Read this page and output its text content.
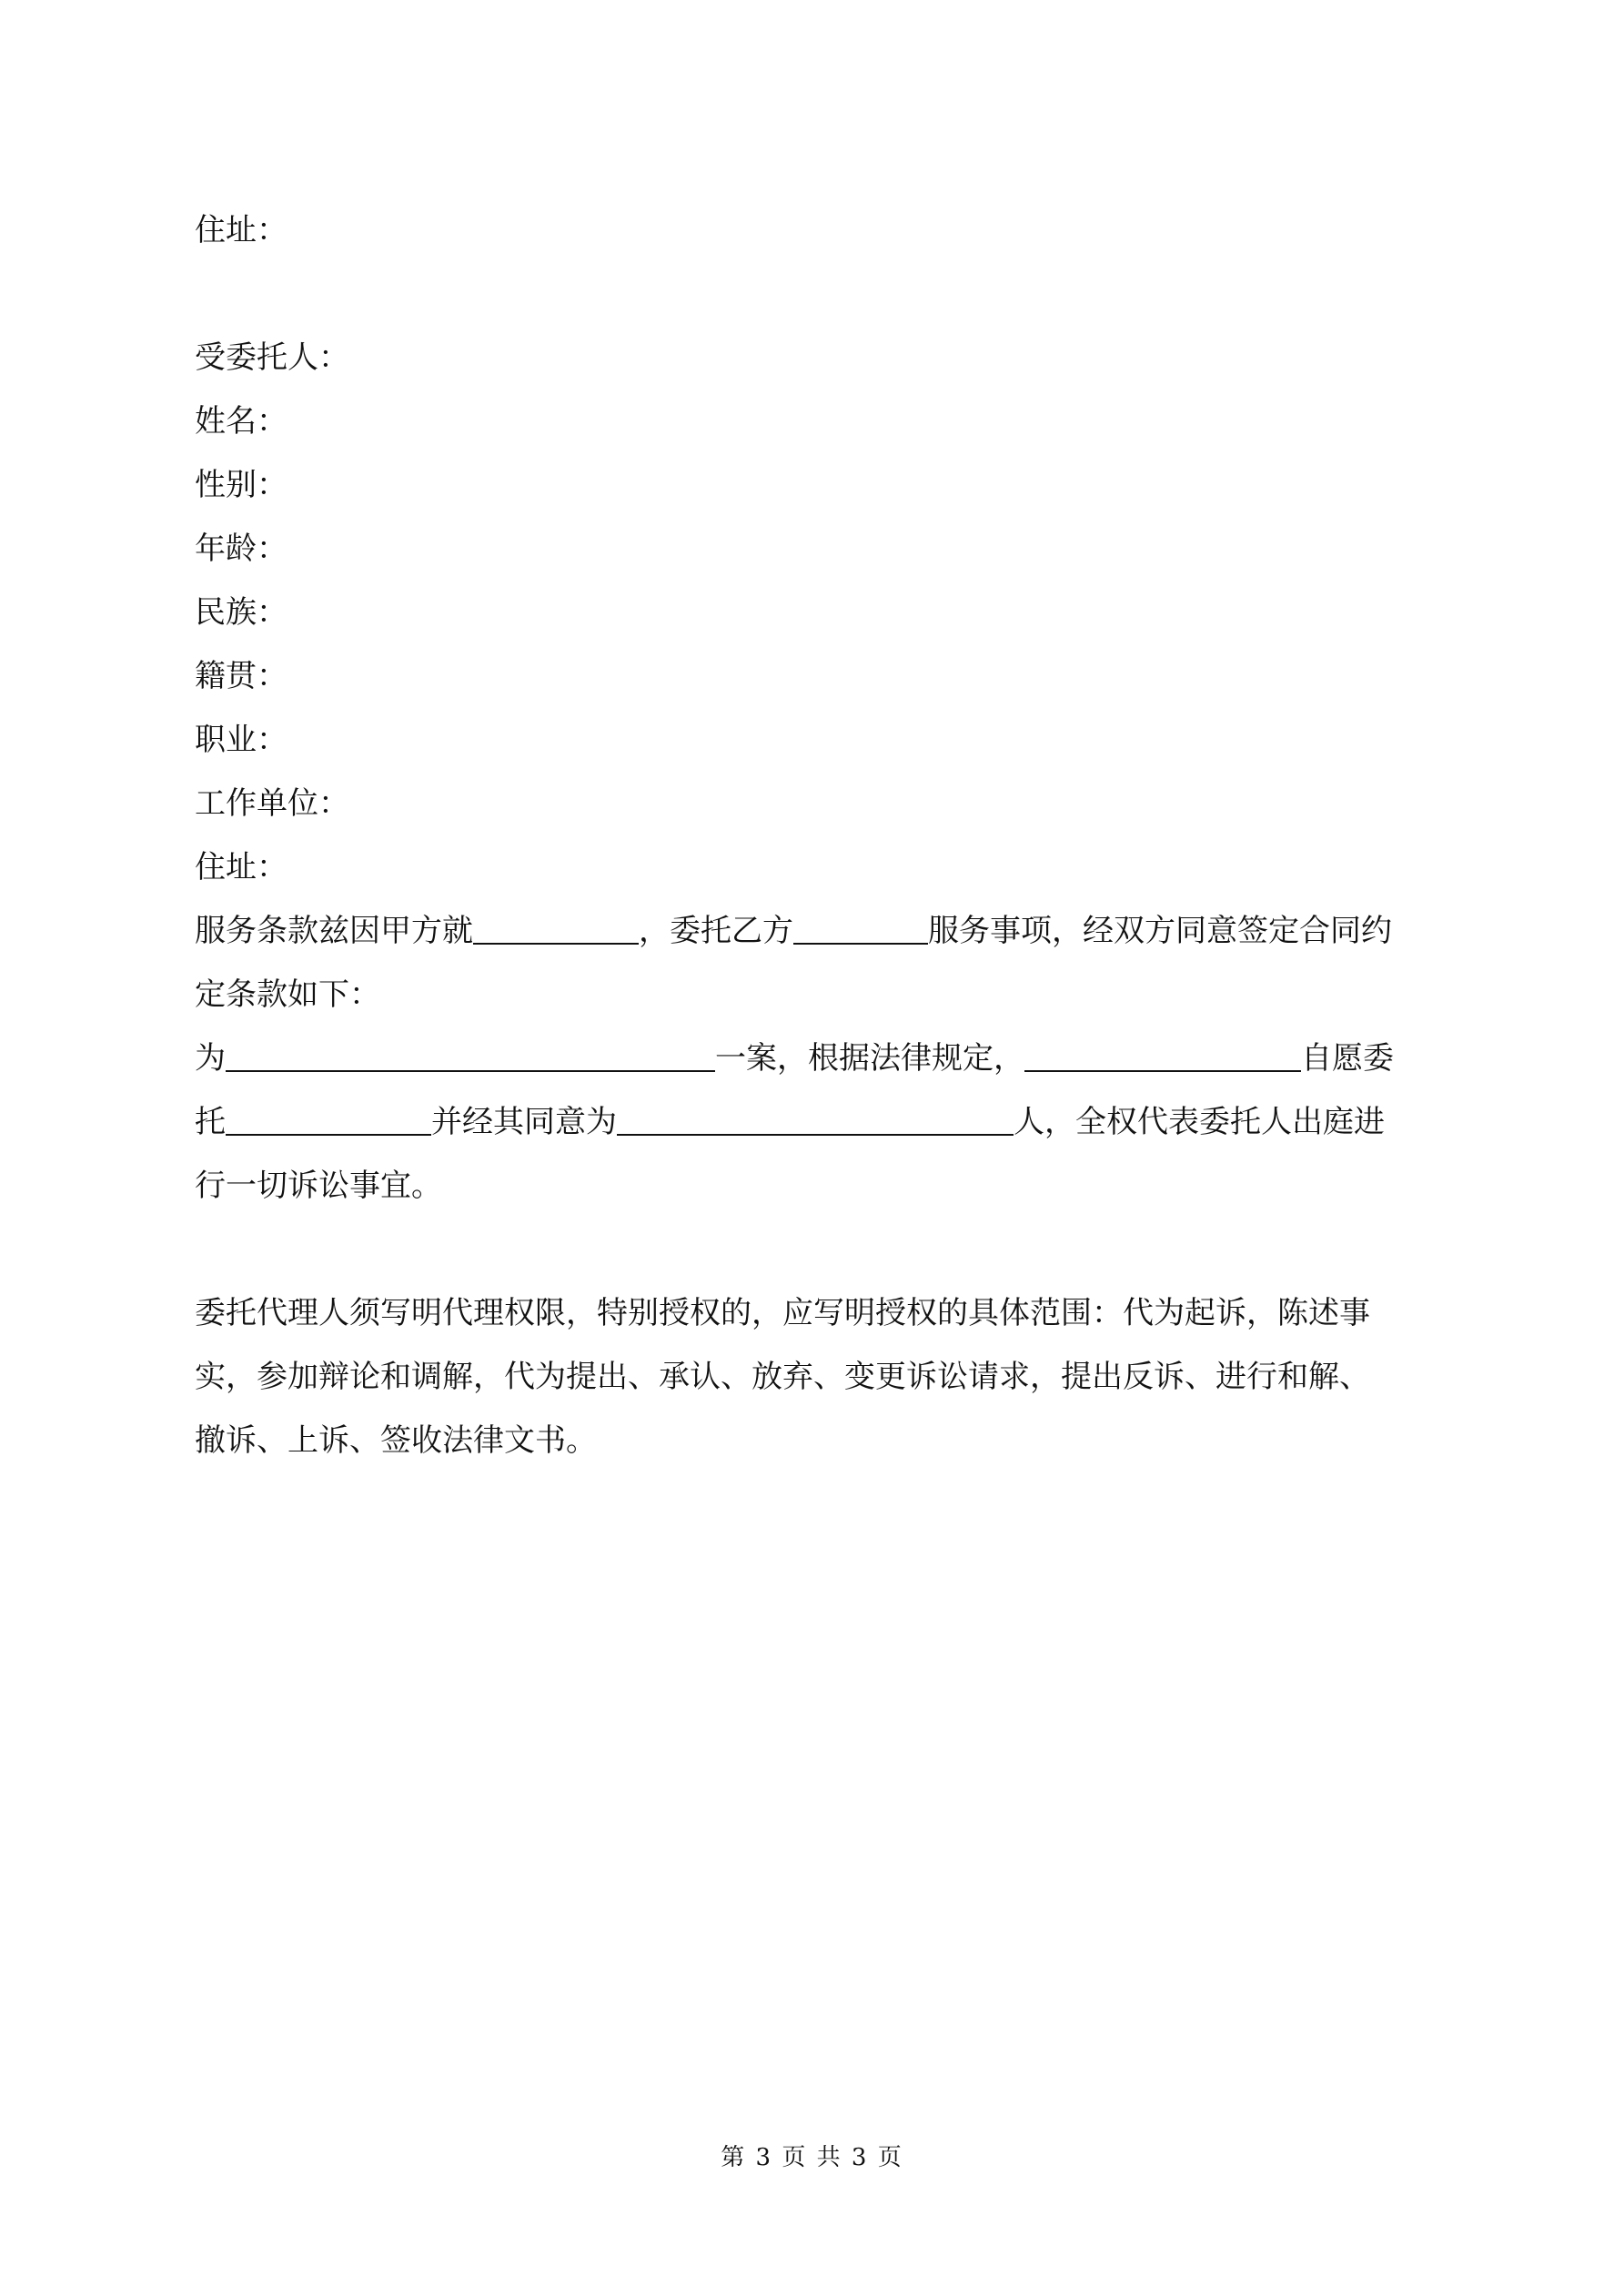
住址：

受委托人：

姓名：

性别：

年龄：

民族：

籍贯：

职业：

工作单位：

住址：

服务条款兹因甲方就	，委托乙方	服务事项，经双方同意签定合同约

定条款如下：

为	一案，根据法律规定，	自愿委

托	并经其同意为	人，全权代表委托人出庭进

行一切诉讼事宜。

委托代理人须写明代理权限，特别授权的，应写明授权的具体范围：代为起诉，陈述事

实，参加辩论和调解，代为提出、承认、放弃、变更诉讼请求，提出反诉、进行和解、

撤诉、上诉、签收法律文书。

第 3 页 共 3 页
